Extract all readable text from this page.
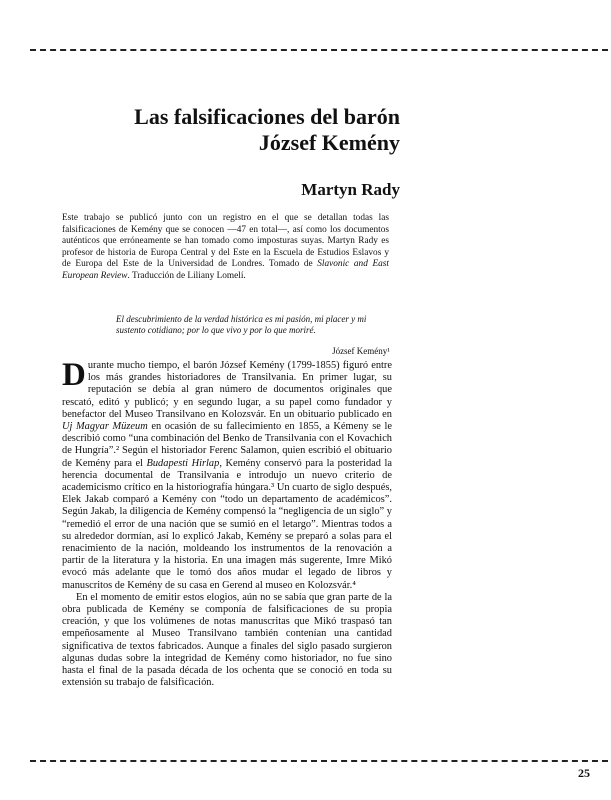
Las falsificaciones del barón
József Kemény

Martyn Rady

Este trabajo se publicó junto con un registro en el que se detallan todas las falsificaciones de Kemény que se conocen —47 en total—, así como los documentos auténticos que erróneamente se han tomado como imposturas suyas. Martyn Rady es profesor de historia de Europa Central y del Este en la Escuela de Estudios Eslavos y de Europa del Este de la Universidad de Londres. Tomado de Slavonic and East European Review. Traducción de Liliany Lomelí.

El descubrimiento de la verdad histórica es mi pasión, mi placer y mi sustento cotidiano; por lo que vivo y por lo que moriré.

József Kemény¹

Durante mucho tiempo, el barón József Kemény (1799-1855) figuró entre los más grandes historiadores de Transilvania. En primer lugar, su reputación se debía al gran número de documentos originales que rescató, editó y publicó; y en segundo lugar, a su papel como fundador y benefactor del Museo Transilvano en Kolozsvár. En un obituario publicado en Uj Magyar Müzeum en ocasión de su fallecimiento en 1855, a Kémeny se le describió como “una combinación del Benko de Transilvania con el Kovachich de Hungría”.² Según el historiador Ferenc Salamon, quien escribió el obituario de Kemény para el Budapesti Hirlap, Kemény conservó para la posteridad la herencia documental de Transilvania e introdujo un nuevo criterio de academicismo crítico en la historiografía húngara.³ Un cuarto de siglo después, Elek Jakab comparó a Kemény con “todo un departamento de académicos”. Según Jakab, la diligencia de Kemény compensó la “negligencia de un siglo” y “remedió el error de una nación que se sumió en el letargo”. Mientras todos a su alrededor dormían, así lo explicó Jakab, Kemény se preparó a solas para el renacimiento de la nación, moldeando los instrumentos de la renovación a partir de la literatura y la historia. En una imagen más sugerente, Imre Mikó evocó más adelante que le tomó dos años mudar el legado de libros y manuscritos de Kemény de su casa en Gerend al museo en Kolozsvár.⁴

En el momento de emitir estos elogios, aún no se sabía que gran parte de la obra publicada de Kemény se componía de falsificaciones de su propia creación, y que los volúmenes de notas manuscritas que Mikó traspasó tan empeñosamente al Museo Transilvano también contenían una cantidad significativa de textos fabricados. Aunque a finales del siglo pasado surgieron algunas dudas sobre la integridad de Kemény como historiador, no fue sino hasta el final de la pasada década de los ochenta que se conoció en toda su extensión su trabajo de falsificación.

25
